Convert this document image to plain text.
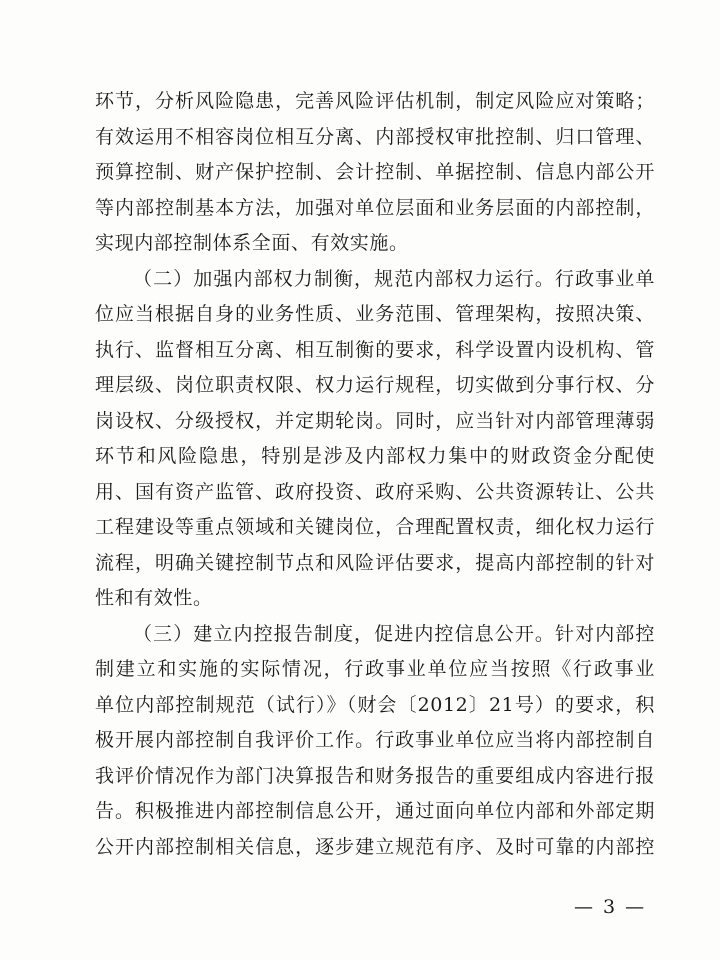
环节，分析风险隐患，完善风险评估机制，制定风险应对策略；
有效运用不相容岗位相互分离、内部授权审批控制、归口管理、
预算控制、财产保护控制、会计控制、单据控制、信息内部公开
等内部控制基本方法，加强对单位层面和业务层面的内部控制，
实现内部控制体系全面、有效实施。
（二）加强内部权力制衡，规范内部权力运行。行政事业单
位应当根据自身的业务性质、业务范围、管理架构，按照决策、
执行、监督相互分离、相互制衡的要求，科学设置内设机构、管
理层级、岗位职责权限、权力运行规程，切实做到分事行权、分
岗设权、分级授权，并定期轮岗。同时，应当针对内部管理薄弱
环节和风险隐患，特别是涉及内部权力集中的财政资金分配使
用、国有资产监管、政府投资、政府采购、公共资源转让、公共
工程建设等重点领域和关键岗位，合理配置权责，细化权力运行
流程，明确关键控制节点和风险评估要求，提高内部控制的针对
性和有效性。
（三）建立内控报告制度，促进内控信息公开。针对内部控
制建立和实施的实际情况，行政事业单位应当按照《行政事业
单位内部控制规范（试行）》（财会〔2012〕21号）的要求，积
极开展内部控制自我评价工作。行政事业单位应当将内部控制自
我评价情况作为部门决算报告和财务报告的重要组成内容进行报
告。积极推进内部控制信息公开，通过面向单位内部和外部定期
公开内部控制相关信息，逐步建立规范有序、及时可靠的内部控
— 3 —
